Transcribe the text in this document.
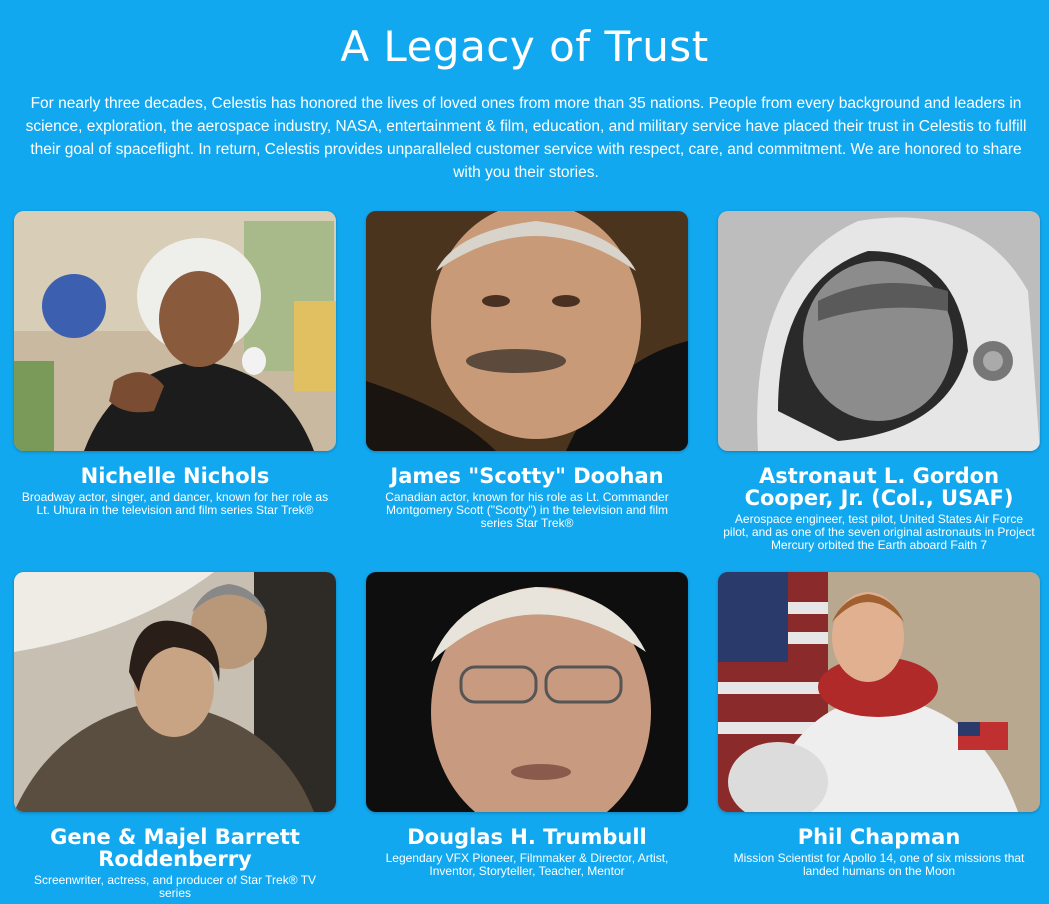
A Legacy of Trust

For nearly three decades, Celestis has honored the lives of loved ones from more than 35 nations. People from every background and leaders in science, exploration, the aerospace industry, NASA, entertainment & film, education, and military service have placed their trust in Celestis to fulfill their goal of spaceflight. In return, Celestis provides unparalleled customer service with respect, care, and commitment. We are honored to share with you their stories.

Nichelle Nichols
Broadway actor, singer, and dancer, known for her role as Lt. Uhura in the television and film series Star Trek®
James "Scotty" Doohan
Canadian actor, known for his role as Lt. Commander Montgomery Scott ("Scotty") in the television and film series Star Trek®
Astronaut L. Gordon Cooper, Jr. (Col., USAF)
Aerospace engineer, test pilot, United States Air Force pilot, and as one of the seven original astronauts in Project Mercury orbited the Earth aboard Faith 7
Gene & Majel Barrett Roddenberry
Screenwriter, actress, and producer of Star Trek® TV series
Douglas H. Trumbull
Legendary VFX Pioneer, Filmmaker & Director, Artist, Inventor, Storyteller, Teacher, Mentor
Phil Chapman
Mission Scientist for Apollo 14, one of six missions that landed humans on the Moon
